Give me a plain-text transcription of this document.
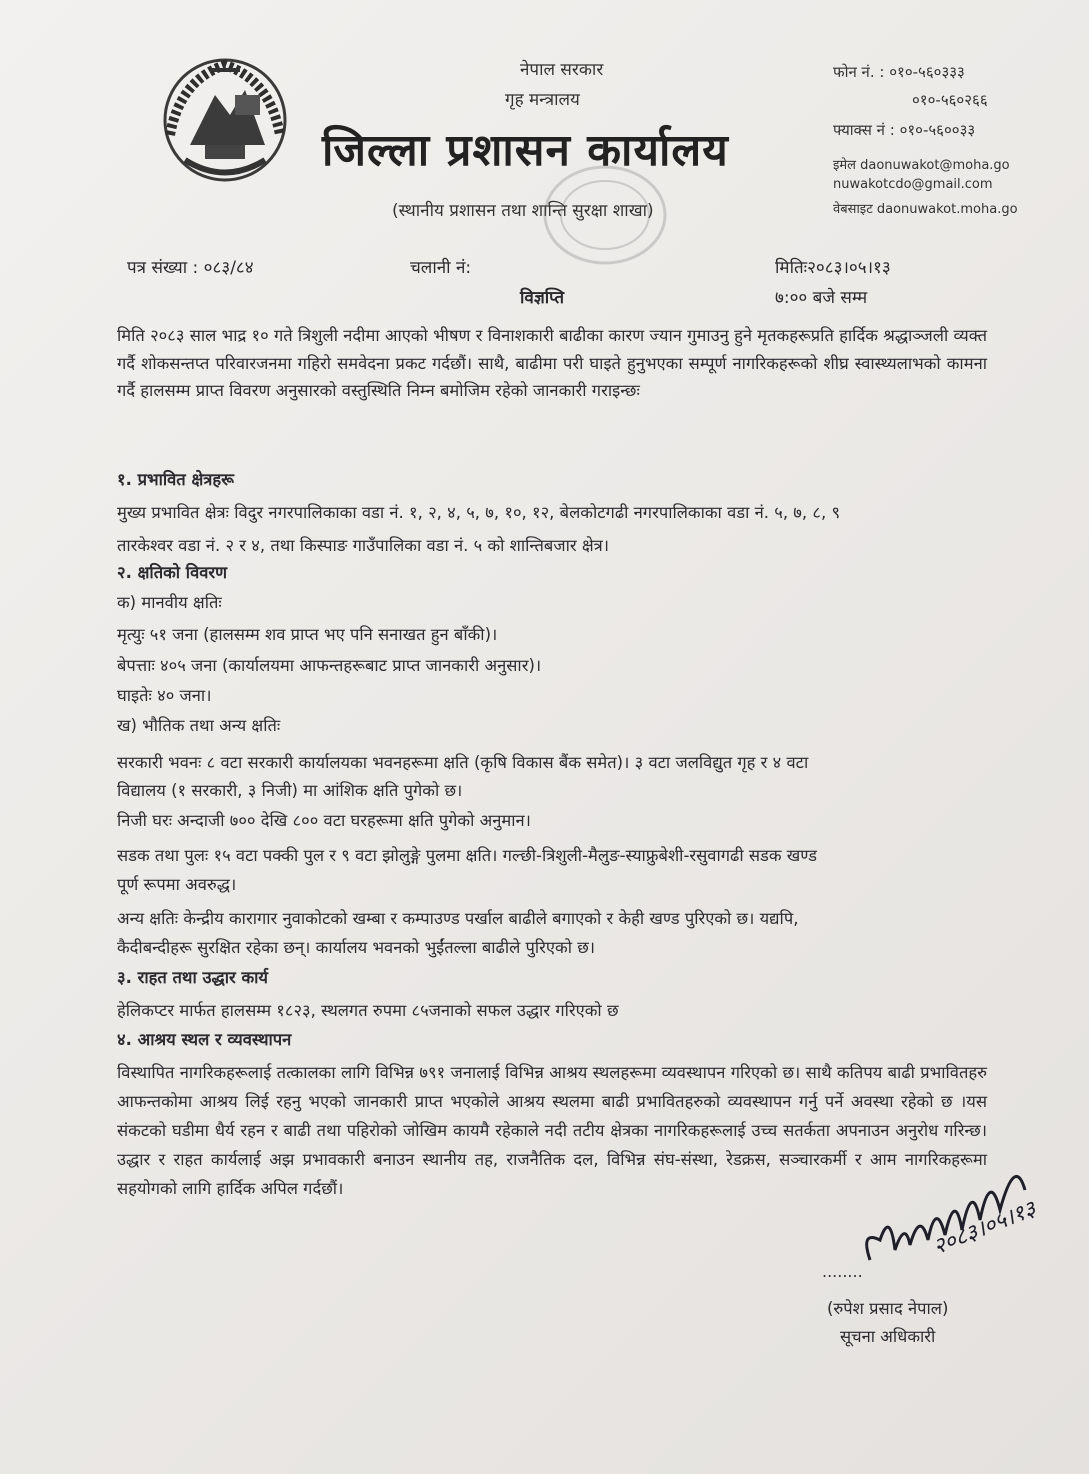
नेपाल सरकार
गृह मन्त्रालय
जिल्ला प्रशासन कार्यालय
(स्थानीय प्रशासन तथा शान्ति सुरक्षा शाखा)
फोन नं. : ०१०-५६०३३३
०१०-५६०२६६
फ्याक्स नं : ०१०-५६००३३
इमेल daonuwakot@moha.go
nuwakotcdo@gmail.com
वेबसाइट daonuwakot.moha.go
पत्र संख्या : ०८३/८४	चलानी नं:	मितिः२०८३।०५।१३
विज्ञप्ति	७:०० बजे सम्म
मिति २०८३ साल भाद्र १० गते त्रिशुली नदीमा आएको भीषण र विनाशकारी बाढीका कारण ज्यान गुमाउनु हुने मृतकहरूप्रति हार्दिक श्रद्धाञ्जली व्यक्त गर्दै शोकसन्तप्त परिवारजनमा गहिरो समवेदना प्रकट गर्दछौं। साथै, बाढीमा परी घाइते हुनुभएका सम्पूर्ण नागरिकहरूको शीघ्र स्वास्थ्यलाभको कामना गर्दै हालसम्म प्राप्त विवरण अनुसारको वस्तुस्थिति निम्न बमोजिम रहेको जानकारी गराइन्छः
१. प्रभावित क्षेत्रहरू
मुख्य प्रभावित क्षेत्रः विदुर नगरपालिकाका वडा नं. १, २, ४, ५, ७, १०, १२, बेलकोटगढी नगरपालिकाका वडा नं. ५, ७, ८, ९
तारकेश्वर वडा नं. २ र ४, तथा किस्पाङ गाउँपालिका वडा नं. ५ को शान्तिबजार क्षेत्र।
२. क्षतिको विवरण
क) मानवीय क्षतिः
मृत्युः ५१ जना (हालसम्म शव प्राप्त भए पनि सनाखत हुन बाँकी)।
बेपत्ताः ४०५ जना (कार्यालयमा आफन्तहरूबाट प्राप्त जानकारी अनुसार)।
घाइतेः ४० जना।
ख) भौतिक तथा अन्य क्षतिः
सरकारी भवनः ८ वटा सरकारी कार्यालयका भवनहरूमा क्षति (कृषि विकास बैंक समेत)। ३ वटा जलविद्युत गृह र ४ वटा
विद्यालय (१ सरकारी, ३ निजी) मा आंशिक क्षति पुगेको छ।
निजी घरः अन्दाजी ७०० देखि ८०० वटा घरहरूमा क्षति पुगेको अनुमान।
सडक तथा पुलः १५ वटा पक्की पुल र ९ वटा झोलुङ्गे पुलमा क्षति। गल्छी-त्रिशुली-मैलुङ-स्याफ्रुबेशी-रसुवागढी सडक खण्ड
पूर्ण रूपमा अवरुद्ध।
अन्य क्षतिः केन्द्रीय कारागार नुवाकोटको खम्बा र कम्पाउण्ड पर्खाल बाढीले बगाएको र केही खण्ड पुरिएको छ। यद्यपि,
कैदीबन्दीहरू सुरक्षित रहेका छन्। कार्यालय भवनको भुईंतल्ला बाढीले पुरिएको छ।
३. राहत तथा उद्धार कार्य
हेलिकप्टर मार्फत हालसम्म १८२३, स्थलगत रुपमा ८५जनाको सफल उद्धार गरिएको छ
४. आश्रय स्थल र व्यवस्थापन
विस्थापित नागरिकहरूलाई तत्कालका लागि विभिन्न ७९१ जनालाई विभिन्न आश्रय स्थलहरूमा व्यवस्थापन गरिएको छ। साथै कतिपय बाढी प्रभावितहरु आफन्तकोमा आश्रय लिई रहनु भएको जानकारी प्राप्त भएकोले आश्रय स्थलमा बाढी प्रभावितहरुको व्यवस्थापन गर्नु पर्ने अवस्था रहेको छ ।यस संकटको घडीमा धैर्य रहन र बाढी तथा पहिरोको जोखिम कायमै रहेकाले नदी तटीय क्षेत्रका नागरिकहरूलाई उच्च सतर्कता अपनाउन अनुरोध गरिन्छ। उद्धार र राहत कार्यलाई अझ प्रभावकारी बनाउन स्थानीय तह, राजनैतिक दल, विभिन्न संघ-संस्था, रेडक्रस, सञ्चारकर्मी र आम नागरिकहरूमा सहयोगको लागि हार्दिक अपिल गर्दछौं।
........
२०८३।०५।१३
(रुपेश प्रसाद नेपाल)
सूचना अधिकारी
